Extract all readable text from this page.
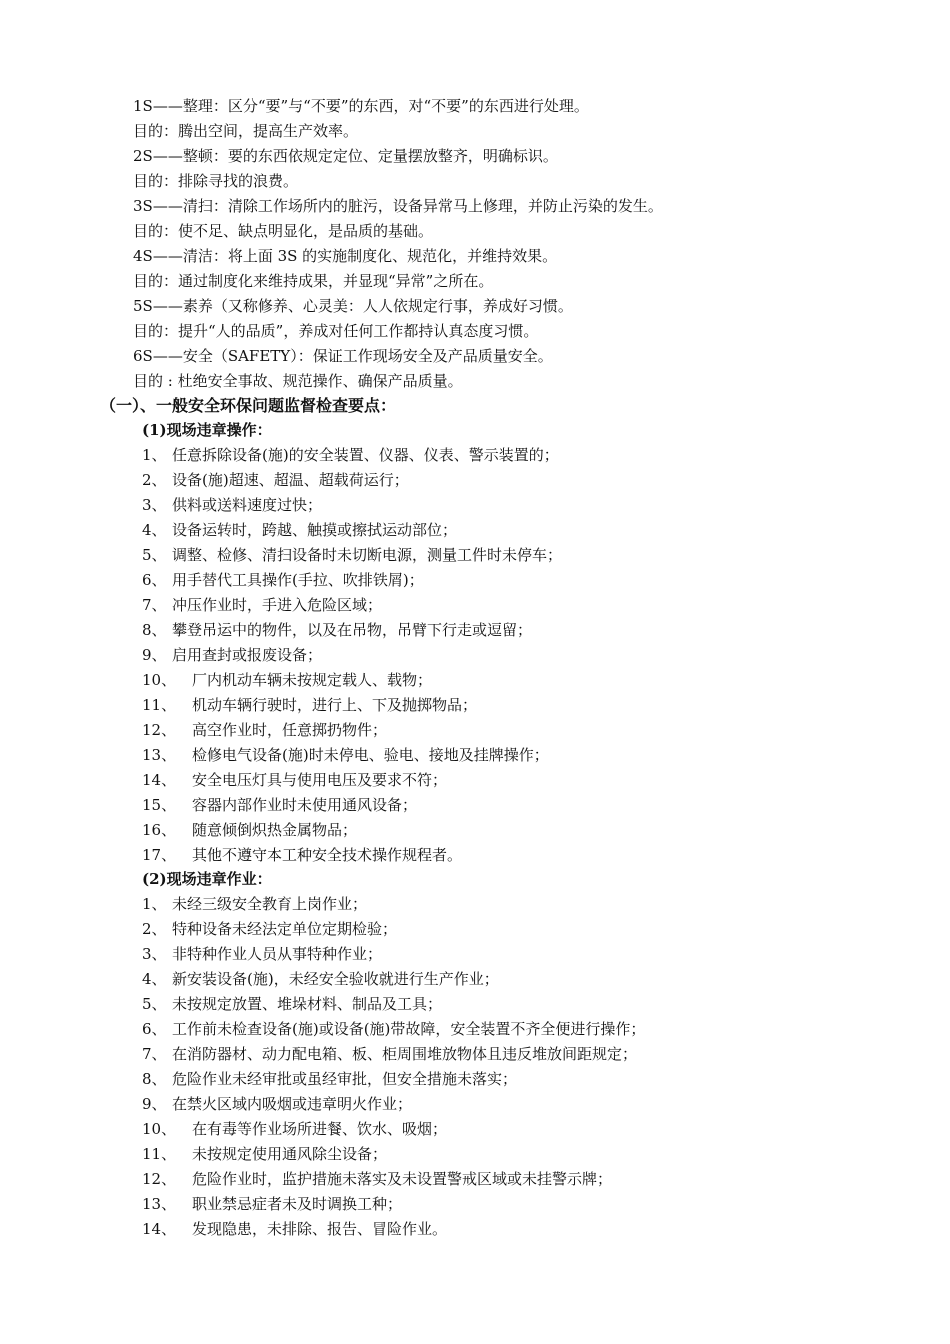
1S——整理：区分“要”与“不要”的东西，对“不要”的东西进行处理。
目的：腾出空间，提高生产效率。
2S——整顿：要的东西依规定定位、定量摆放整齐，明确标识。
目的：排除寻找的浪费。
3S——清扫：清除工作场所内的脏污，设备异常马上修理，并防止污染的发生。
目的：使不足、缺点明显化，是品质的基础。
4S——清洁：将上面 3S 的实施制度化、规范化，并维持效果。
目的：通过制度化来维持成果，并显现“异常”之所在。
5S——素养（又称修养、心灵美：人人依规定行事，养成好习惯。
目的：提升“人的品质”，养成对任何工作都持认真态度习惯。
6S——安全（SAFETY）：保证工作现场安全及产品质量安全。
目的 : 杜绝安全事故、规范操作、确保产品质量。
（一）、一般安全环保问题监督检查要点：
(1)现场违章操作：
1、 任意拆除设备(施)的安全装置、仪器、仪表、警示装置的；
2、 设备(施)超速、超温、超载荷运行；
3、 供料或送料速度过快；
4、 设备运转时，跨越、触摸或擦拭运动部位；
5、 调整、检修、清扫设备时未切断电源，测量工件时未停车；
6、 用手替代工具操作(手拉、吹排铁屑)；
7、 冲压作业时，手进入危险区域；
8、 攀登吊运中的物件，以及在吊物，吊臂下行走或逗留；
9、 启用查封或报废设备；
10、 厂内机动车辆未按规定载人、载物；
11、 机动车辆行驶时，进行上、下及抛掷物品；
12、 高空作业时，任意掷扔物件；
13、 检修电气设备(施)时未停电、验电、接地及挂牌操作；
14、 安全电压灯具与使用电压及要求不符；
15、 容器内部作业时未使用通风设备；
16、 随意倾倒炽热金属物品；
17、 其他不遵守本工种安全技术操作规程者。
(2)现场违章作业：
1、 未经三级安全教育上岗作业；
2、 特种设备未经法定单位定期检验；
3、 非特种作业人员从事特种作业；
4、 新安装设备(施)，未经安全验收就进行生产作业；
5、 未按规定放置、堆垛材料、制品及工具；
6、 工作前未检查设备(施)或设备(施)带故障，安全装置不齐全便进行操作；
7、 在消防器材、动力配电箱、板、柜周围堆放物体且违反堆放间距规定；
8、 危险作业未经审批或虽经审批，但安全措施未落实；
9、 在禁火区域内吸烟或违章明火作业；
10、 在有毒等作业场所进餐、饮水、吸烟；
11、 未按规定使用通风除尘设备；
12、 危险作业时，监护措施未落实及未设置警戒区域或未挂警示牌；
13、 职业禁忌症者未及时调换工种；
14、 发现隐患，未排除、报告、冒险作业。
